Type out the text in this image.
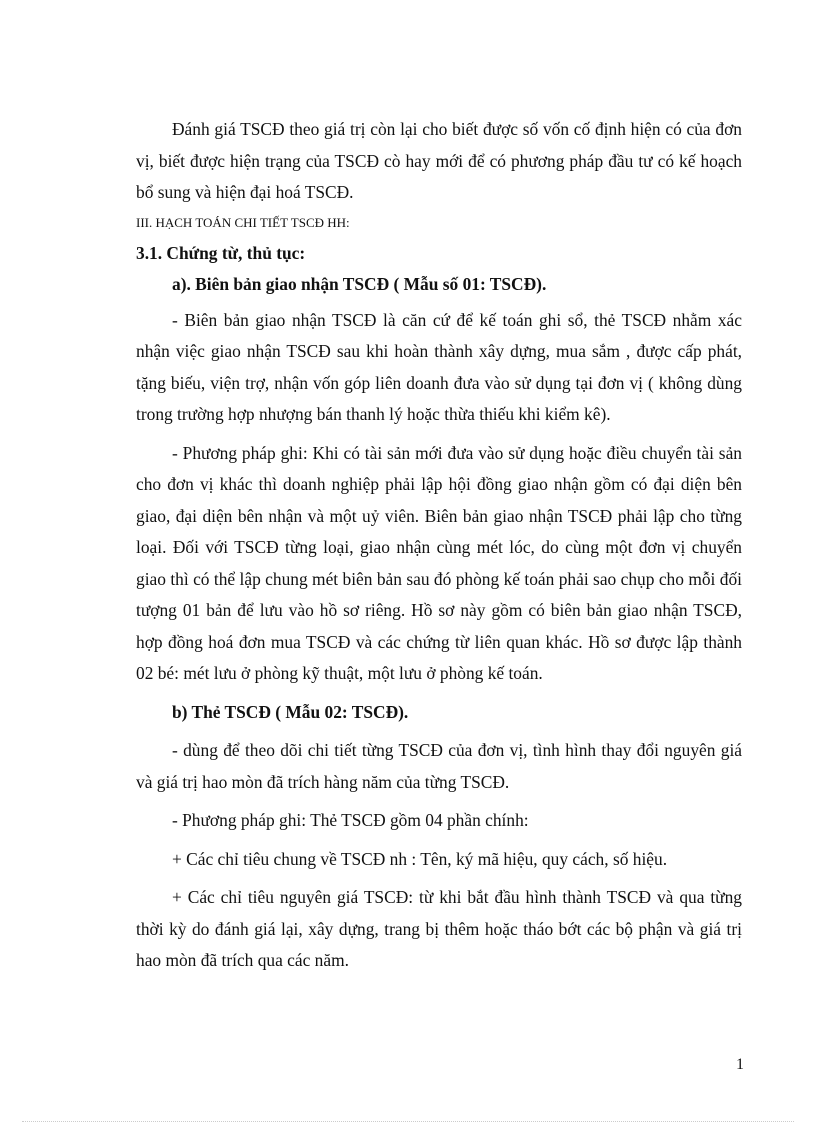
Đánh giá TSCĐ theo giá trị còn lại cho biết được số vốn cố định hiện có của đơn vị, biết được hiện trạng của TSCĐ cò hay mới để có phương pháp đầu tư có kế hoạch bổ sung và hiện đại hoá TSCĐ.

III. HẠCH TOÁN CHI TIẾT TSCĐ HH:

3.1. Chứng từ, thủ tục:

a). Biên bản giao nhận TSCĐ ( Mẫu số 01: TSCĐ).

- Biên bản giao nhận TSCĐ là căn cứ để kế toán ghi sổ, thẻ TSCĐ nhằm xác nhận việc giao nhận TSCĐ sau khi hoàn thành xây dựng, mua sắm , được cấp phát, tặng biếu, viện trợ, nhận vốn góp liên doanh đưa vào sử dụng tại đơn vị ( không dùng trong trường hợp nhượng bán thanh lý hoặc thừa thiếu khi kiểm kê).

- Phương pháp ghi: Khi có tài sản mới đưa vào sử dụng hoặc điều chuyển tài sản cho đơn vị khác thì doanh nghiệp phải lập hội đồng giao nhận gồm có đại diện bên giao, đại diện bên nhận và một uỷ viên. Biên bản giao nhận TSCĐ phải lập cho từng loại. Đối với TSCĐ từng loại, giao nhận cùng mét lóc, do cùng một đơn vị chuyển giao thì có thể lập chung mét biên bản sau đó phòng kế toán phải sao chụp cho mỗi đối tượng 01 bản để lưu vào hồ sơ riêng. Hồ sơ này gồm có biên bản giao nhận TSCĐ, hợp đồng hoá đơn mua TSCĐ và các chứng từ liên quan khác. Hồ sơ được lập thành 02 bé: mét lưu ở phòng kỹ thuật, một lưu ở phòng kế toán.

b) Thẻ TSCĐ ( Mẫu 02: TSCĐ).

- dùng để theo dõi chi tiết từng TSCĐ của đơn vị, tình hình thay đổi nguyên giá và giá trị hao mòn đã trích hàng năm của từng TSCĐ.

- Phương pháp ghi: Thẻ TSCĐ gồm 04 phần chính:

+ Các chỉ tiêu chung về TSCĐ nh : Tên, ký mã hiệu, quy cách, số hiệu.

+ Các chỉ tiêu nguyên giá TSCĐ: từ khi bắt đầu hình thành TSCĐ và qua từng thời kỳ do đánh giá lại, xây dựng, trang bị thêm hoặc tháo bớt các bộ phận và giá trị hao mòn đã trích qua các năm.

1
